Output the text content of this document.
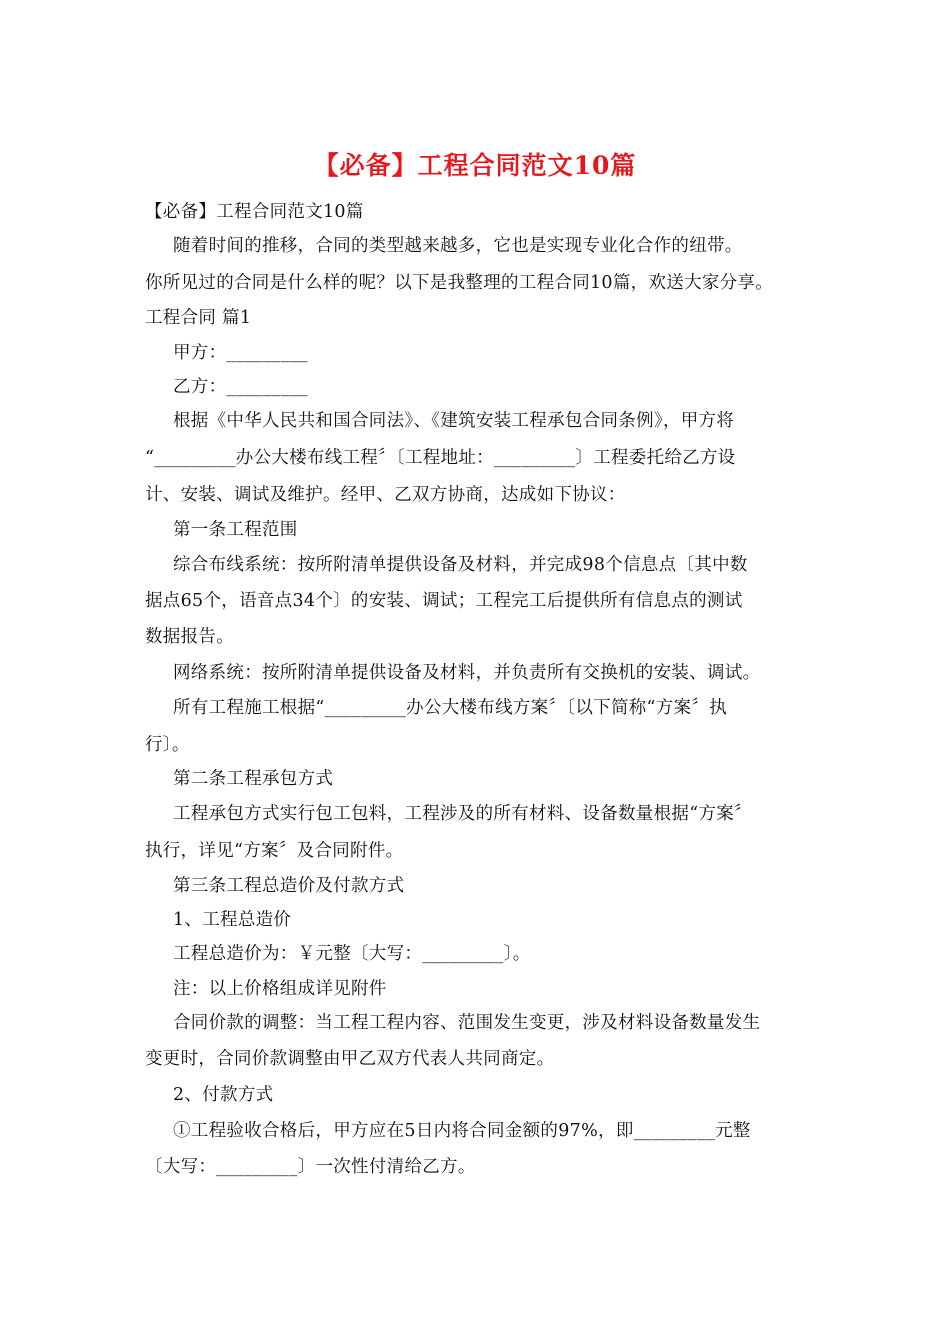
【必备】工程合同范文10篇
【必备】工程合同范文10篇
随着时间的推移，合同的类型越来越多，它也是实现专业化合作的纽带。
你所见过的合同是什么样的呢？以下是我整理的工程合同10篇，欢送大家分享。
工程合同 篇1
甲方：_________
乙方：_________
根据《中华人民共和国合同法》、《建筑安装工程承包合同条例》，甲方将
“_________办公大楼布线工程〞〔工程地址：_________〕工程委托给乙方设
计、安装、调试及维护。经甲、乙双方协商，达成如下协议：
第一条工程范围
综合布线系统：按所附清单提供设备及材料，并完成98个信息点〔其中数
据点65个，语音点34个〕的安装、调试；工程完工后提供所有信息点的测试
数据报告。
网络系统：按所附清单提供设备及材料，并负责所有交换机的安装、调试。
所有工程施工根据“_________办公大楼布线方案〞〔以下简称“方案〞执
行〕。
第二条工程承包方式
工程承包方式实行包工包料，工程涉及的所有材料、设备数量根据“方案〞
执行，详见“方案〞及合同附件。
第三条工程总造价及付款方式
1、工程总造价
工程总造价为：￥元整〔大写：_________〕。
注：以上价格组成详见附件
合同价款的调整：当工程工程内容、范围发生变更，涉及材料设备数量发生
变更时，合同价款调整由甲乙双方代表人共同商定。
2、付款方式
①工程验收合格后，甲方应在5日内将合同金额的97%，即_________元整
〔大写：_________〕一次性付清给乙方。
